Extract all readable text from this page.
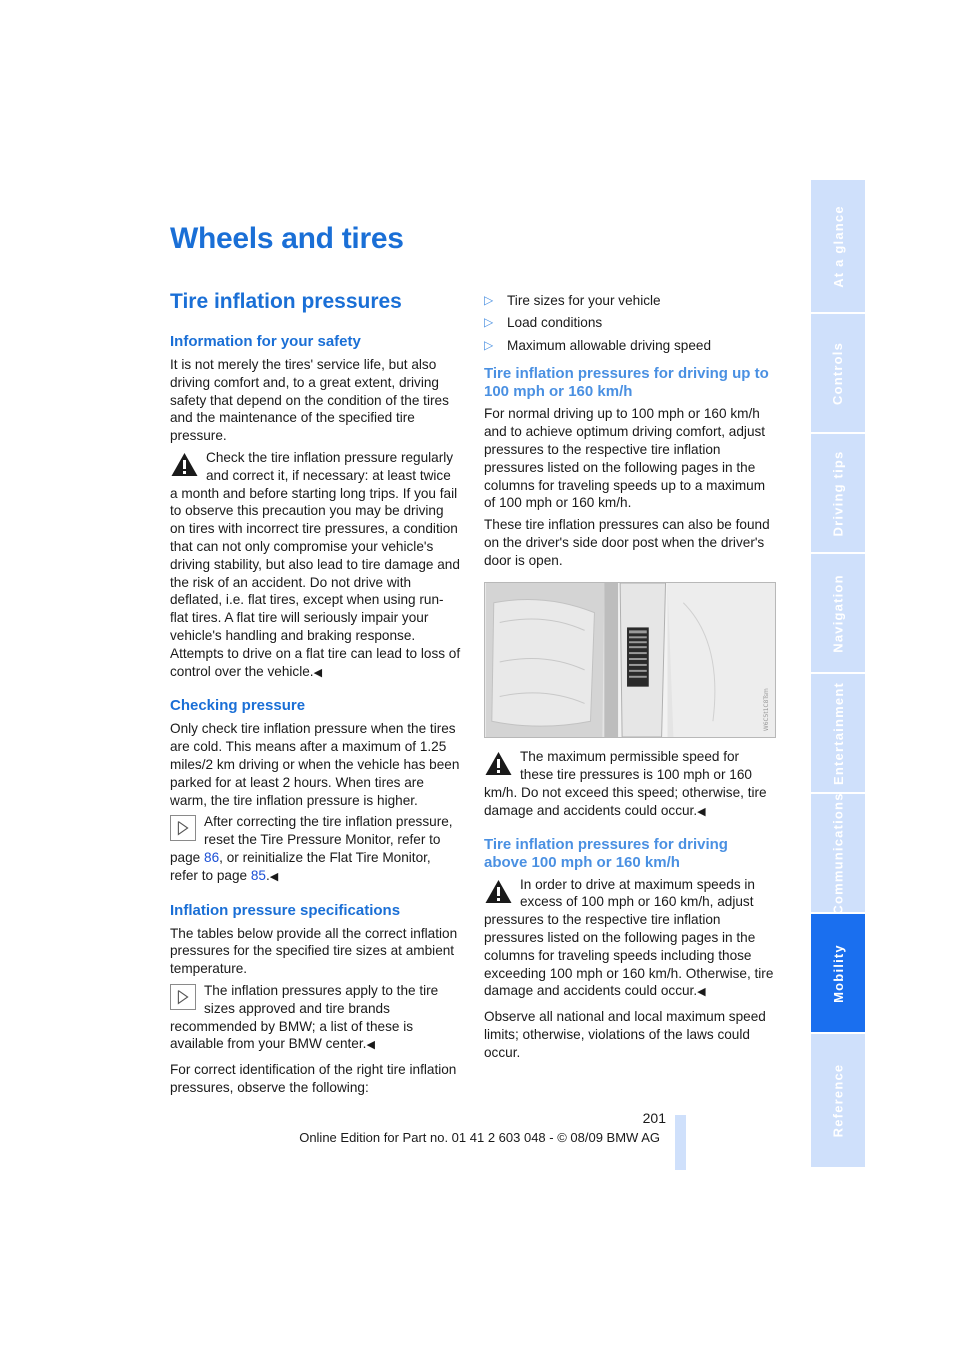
Wheels and tires
Tire inflation pressures
Information for your safety

It is not merely the tires' service life, but also driving comfort and, to a great extent, driving safety that depend on the condition of the tires and the maintenance of the specified tire pressure.

Check the tire inflation pressure regularly and correct it, if necessary: at least twice a month and before starting long trips. If you fail to observe this precaution you may be driving on tires with incorrect tire pressures, a condition that can not only compromise your vehicle's driving stability, but also lead to tire damage and the risk of an accident. Do not drive with deflated, i.e. flat tires, except when using run-flat tires. A flat tire will seriously impair your vehicle's handling and braking response. Attempts to drive on a flat tire can lead to loss of control over the vehicle.◀
Checking pressure

Only check tire inflation pressure when the tires are cold. This means after a maximum of 1.25 miles/2 km driving or when the vehicle has been parked for at least 2 hours. When tires are warm, the tire inflation pressure is higher.

After correcting the tire inflation pressure, reset the Tire Pressure Monitor, refer to page 86, or reinitialize the Flat Tire Monitor, refer to page 85.◀
Inflation pressure specifications

The tables below provide all the correct inflation pressures for the specified tire sizes at ambient temperature.

The inflation pressures apply to the tire sizes approved and tire brands recommended by BMW; a list of these is available from your BMW center.◀

For correct identification of the right tire inflation pressures, observe the following:

▷ Tire sizes for your vehicle
▷ Load conditions
▷ Maximum allowable driving speed
Tire inflation pressures for driving up to 100 mph or 160 km/h

For normal driving up to 100 mph or 160 km/h and to achieve optimum driving comfort, adjust pressures to the respective tire inflation pressures listed on the following pages in the columns for traveling speeds up to a maximum of 100 mph or 160 km/h.

These tire inflation pressures can also be found on the driver's side door post when the driver's door is open.

W6C5t1C8Tsm
The maximum permissible speed for these tire pressures is 100 mph or 160 km/h. Do not exceed this speed; otherwise, tire damage and accidents could occur.◀
Tire inflation pressures for driving above 100 mph or 160 km/h
In order to drive at maximum speeds in excess of 100 mph or 160 km/h, adjust pressures to the respective tire inflation pressures listed on the following pages in the columns for traveling speeds including those exceeding 100 mph or 160 km/h. Otherwise, tire damage and accidents could occur.◀

Observe all national and local maximum speed limits; otherwise, violations of the laws could occur.

At a glance
Controls
Driving tips
Navigation
Entertainment
Communications
Mobility
Reference
201
Online Edition for Part no. 01 41 2 603 048 - © 08/09 BMW AG
